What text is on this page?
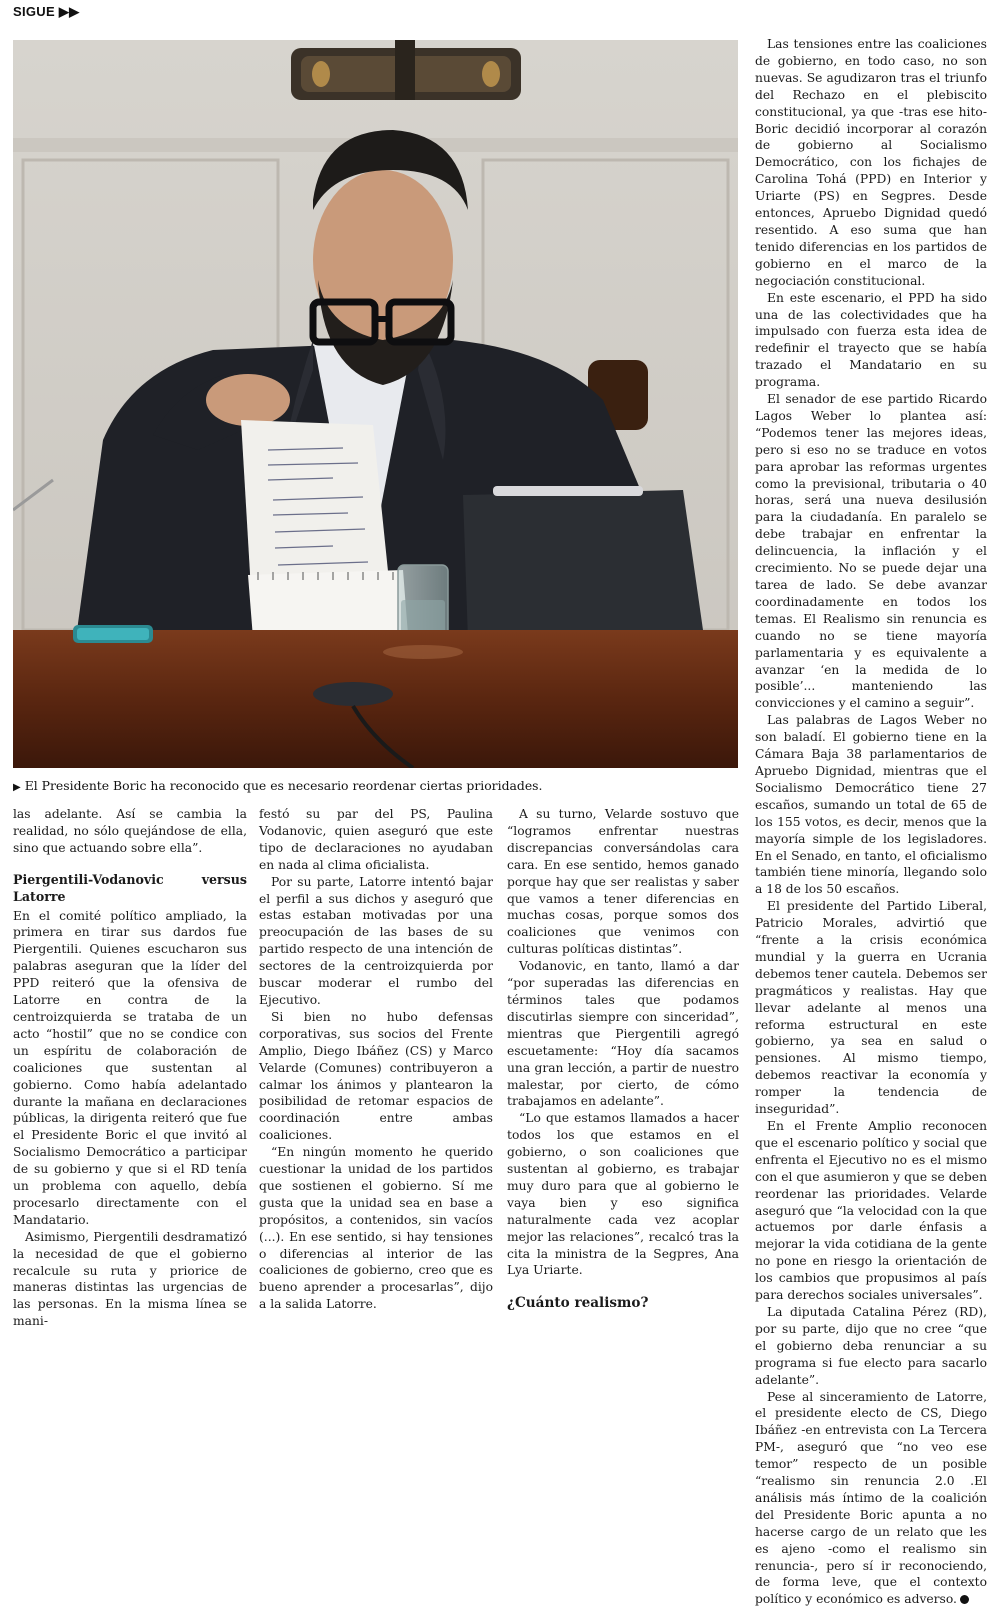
SIGUE ▶▶
▶ El Presidente Boric ha reconocido que es necesario reordenar ciertas prioridades.

las adelante. Así se cambia la realidad, no sólo quejándose de ella, sino que actuando sobre ella”.

Piergentili-Vodanovic versus Latorre

En el comité político ampliado, la primera en tirar sus dardos fue Piergentili. Quienes escucharon sus palabras aseguran que la líder del PPD reiteró que la ofensiva de Latorre en contra de la centroizquierda se trataba de un acto “hostil” que no se condice con un espíritu de colaboración de coaliciones que sustentan al gobierno. Como había adelantado durante la mañana en declaraciones públicas, la dirigenta reiteró que fue el Presidente Boric el que invitó al Socialismo Democrático a participar de su gobierno y que si el RD tenía un problema con aquello, debía procesarlo directamente con el Mandatario.

Asimismo, Piergentili desdramatizó la necesidad de que el gobierno recalcule su ruta y priorice de maneras distintas las urgencias de las personas. En la misma línea se mani-

festó su par del PS, Paulina Vodanovic, quien aseguró que este tipo de declaraciones no ayudaban en nada al clima oficialista.

Por su parte, Latorre intentó bajar el perfil a sus dichos y aseguró que estas estaban motivadas por una preocupación de las bases de su partido respecto de una intención de sectores de la centroizquierda por buscar moderar el rumbo del Ejecutivo.

Si bien no hubo defensas corporativas, sus socios del Frente Amplio, Diego Ibáñez (CS) y Marco Velarde (Comunes) contribuyeron a calmar los ánimos y plantearon la posibilidad de retomar espacios de coordinación entre ambas coaliciones.

“En ningún momento he querido cuestionar la unidad de los partidos que sostienen el gobierno. Sí me gusta que la unidad sea en base a propósitos, a contenidos, sin vacíos (...). En ese sentido, si hay tensiones o diferencias al interior de las coaliciones de gobierno, creo que es bueno aprender a procesarlas”, dijo a la salida Latorre.

A su turno, Velarde sostuvo que “logramos enfrentar nuestras discrepancias conversándolas cara cara. En ese sentido, hemos ganado porque hay que ser realistas y saber que vamos a tener diferencias en muchas cosas, porque somos dos coaliciones que venimos con culturas políticas distintas”.

Vodanovic, en tanto, llamó a dar “por superadas las diferencias en términos tales que podamos discutirlas siempre con sinceridad”, mientras que Piergentili agregó escuetamente: “Hoy día sacamos una gran lección, a partir de nuestro malestar, por cierto, de cómo trabajamos en adelante”.

“Lo que estamos llamados a hacer todos los que estamos en el gobierno, o son coaliciones que sustentan al gobierno, es trabajar muy duro para que al gobierno le vaya bien y eso significa naturalmente cada vez acoplar mejor las relaciones”, recalcó tras la cita la ministra de la Segpres, Ana Lya Uriarte.

¿Cuánto realismo?

Las tensiones entre las coaliciones de gobierno, en todo caso, no son nuevas. Se agudizaron tras el triunfo del Rechazo en el plebiscito constitucional, ya que -tras ese hito- Boric decidió incorporar al corazón de gobierno al Socialismo Democrático, con los fichajes de Carolina Tohá (PPD) en Interior y Uriarte (PS) en Segpres. Desde entonces, Apruebo Dignidad quedó resentido. A eso suma que han tenido diferencias en los partidos de gobierno en el marco de la negociación constitucional.

En este escenario, el PPD ha sido una de las colectividades que ha impulsado con fuerza esta idea de redefinir el trayecto que se había trazado el Mandatario en su programa.

El senador de ese partido Ricardo Lagos Weber lo plantea así: “Podemos tener las mejores ideas, pero si eso no se traduce en votos para aprobar las reformas urgentes como la previsional, tributaria o 40 horas, será una nueva desilusión para la ciudadanía. En paralelo se debe trabajar en enfrentar la delincuencia, la inflación y el crecimiento. No se puede dejar una tarea de lado. Se debe avanzar coordinadamente en todos los temas. El Realismo sin renuncia es cuando no se tiene mayoría parlamentaria y es equivalente a avanzar ‘en la medida de lo posible’... manteniendo las convicciones y el camino a seguir”.

Las palabras de Lagos Weber no son baladí. El gobierno tiene en la Cámara Baja 38 parlamentarios de Apruebo Dignidad, mientras que el Socialismo Democrático tiene 27 escaños, sumando un total de 65 de los 155 votos, es decir, menos que la mayoría simple de los legisladores. En el Senado, en tanto, el oficialismo también tiene minoría, llegando solo a 18 de los 50 escaños.

El presidente del Partido Liberal, Patricio Morales, advirtió que “frente a la crisis económica mundial y la guerra en Ucrania debemos tener cautela. Debemos ser pragmáticos y realistas. Hay que llevar adelante al menos una reforma estructural en este gobierno, ya sea en salud o pensiones. Al mismo tiempo, debemos reactivar la economía y romper la tendencia de inseguridad”.

En el Frente Amplio reconocen que el escenario político y social que enfrenta el Ejecutivo no es el mismo con el que asumieron y que se deben reordenar las prioridades. Velarde aseguró que “la velocidad con la que actuemos por darle énfasis a mejorar la vida cotidiana de la gente no pone en riesgo la orientación de los cambios que propusimos al país para derechos sociales universales”.

La diputada Catalina Pérez (RD), por su parte, dijo que no cree “que el gobierno deba renunciar a su programa si fue electo para sacarlo adelante”.

Pese al sinceramiento de Latorre, el presidente electo de CS, Diego Ibáñez -en entrevista con La Tercera PM-, aseguró que “no veo ese temor” respecto de un posible “realismo sin renuncia 2.0 .El análisis más íntimo de la coalición del Presidente Boric apunta a no hacerse cargo de un relato que les es ajeno -como el realismo sin renuncia-, pero sí ir reconociendo, de forma leve, que el contexto político y económico es adverso.
